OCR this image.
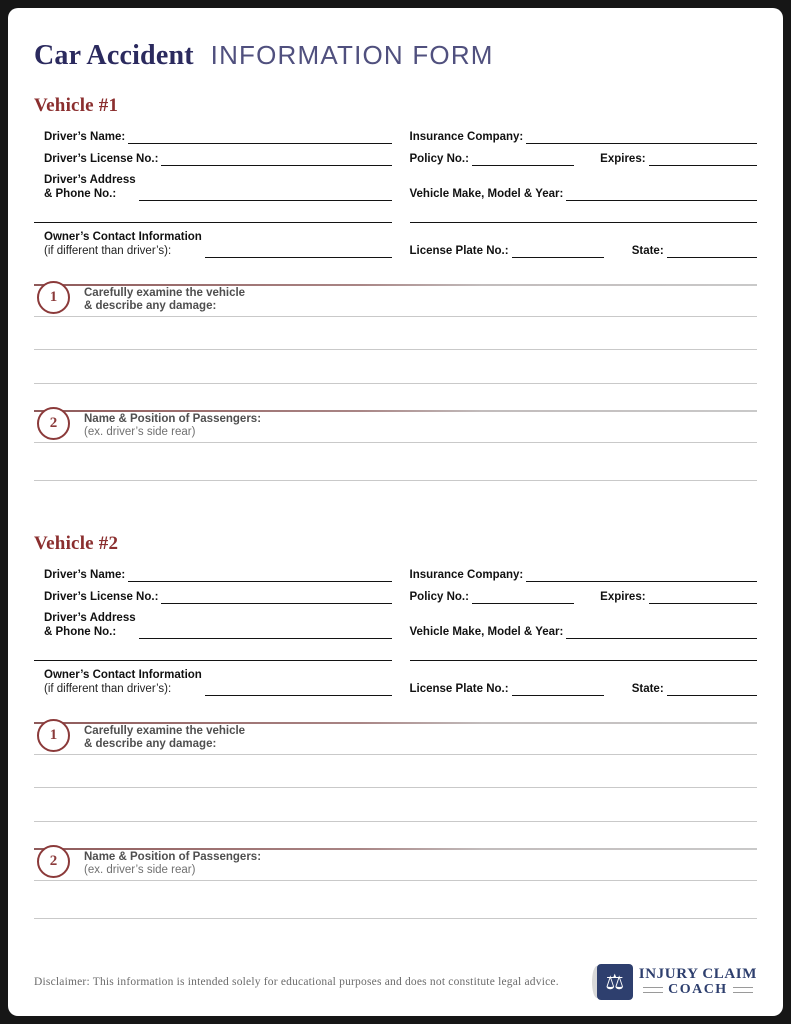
Car Accident INFORMATION FORM
Vehicle #1
Driver’s Name:	Insurance Company:
Driver’s License No.:	Policy No.:	Expires:
Driver’s Address
& Phone No.:	Vehicle Make, Model & Year:
Owner’s Contact Information
(if different than driver’s):	License Plate No.:	State:
1 Carefully examine the vehicle
& describe any damage:
2 Name & Position of Passengers:
(ex. driver’s side rear)
Vehicle #2
Driver’s Name:	Insurance Company:
Driver’s License No.:	Policy No.:	Expires:
Driver’s Address
& Phone No.:	Vehicle Make, Model & Year:
Owner’s Contact Information
(if different than driver’s):	License Plate No.:	State:
1 Carefully examine the vehicle
& describe any damage:
2 Name & Position of Passengers:
(ex. driver’s side rear)
Disclaimer: This information is intended solely for educational purposes and does not constitute legal advice.	⚖ INJURY CLAIM
COACH
